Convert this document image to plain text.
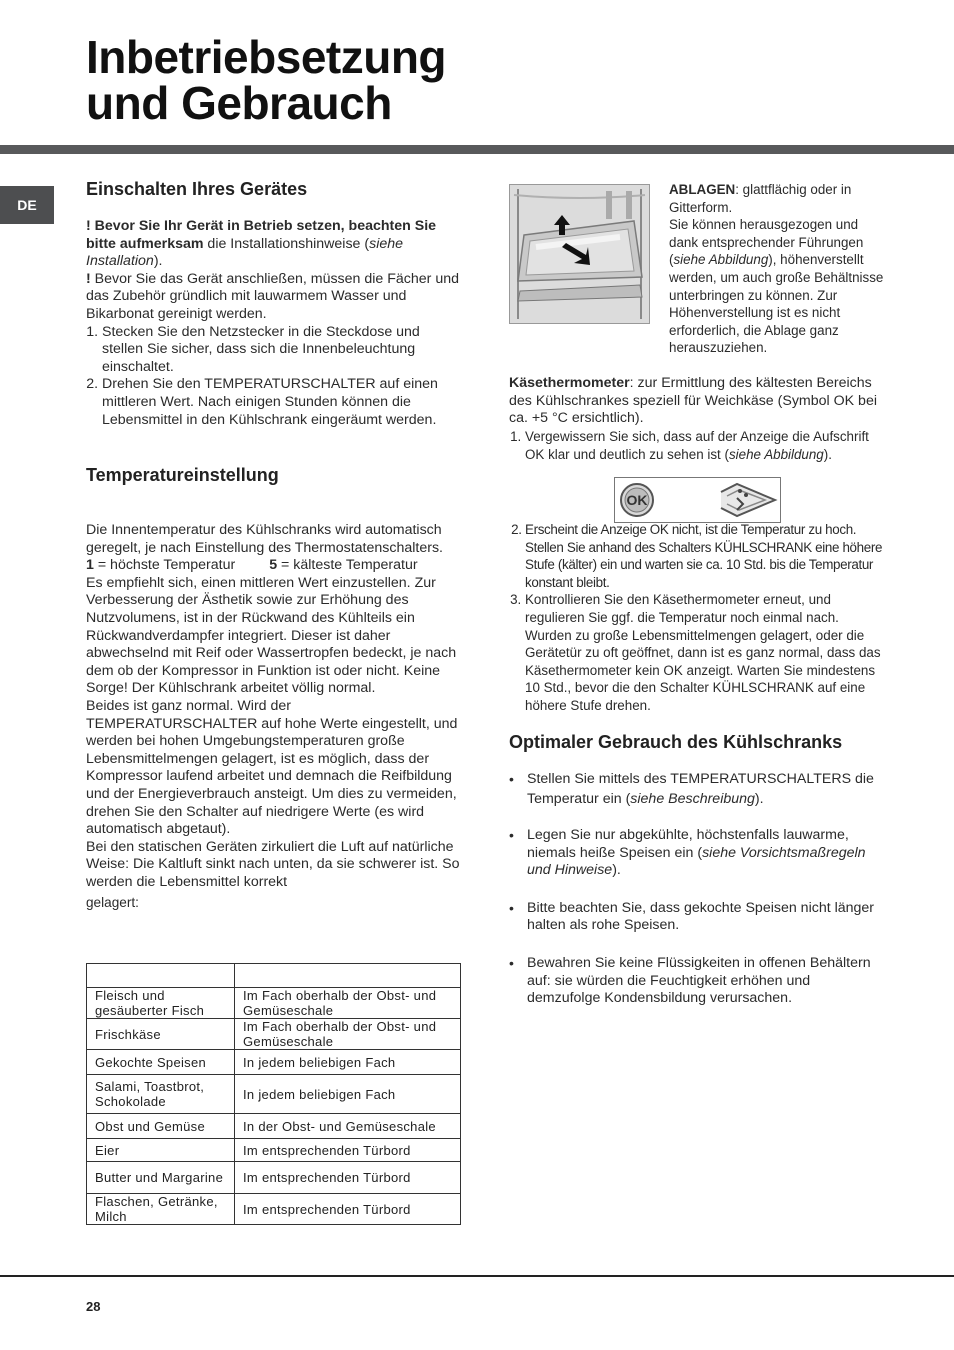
Inbetriebsetzung
und Gebrauch
DE
Einschalten Ihres Gerätes

! Bevor Sie Ihr Gerät in Betrieb setzen, beachten Sie bitte aufmerksam die Installationshinweise (siehe Installation).

! Bevor Sie das Gerät anschließen, müssen die Fächer und das Zubehör gründlich mit lauwarmem Wasser und Bikarbonat gereinigt werden.

1. Stecken Sie den Netzstecker in die Steckdose und stellen Sie sicher, dass sich die Innenbeleuchtung einschaltet.
2. Drehen Sie den TEMPERATURSCHALTER auf einen mittleren Wert. Nach einigen Stunden können die Lebensmittel in den Kühlschrank eingeräumt werden.
Temperatureinstellung

Die Innentemperatur des Kühlschranks wird automatisch geregelt, je nach Einstellung des Thermostatenschalters.

1 = höchste Temperatur 5 = kälteste Temperatur

Es empfiehlt sich, einen mittleren Wert einzustellen. Zur Verbesserung der Ästhetik sowie zur Erhöhung des Nutzvolumens, ist in der Rückwand des Kühlteils ein Rückwandverdampfer integriert. Dieser ist daher abwechselnd mit Reif oder Wassertropfen bedeckt, je nach dem ob der Kompressor in Funktion ist oder nicht. Keine Sorge! Der Kühlschrank arbeitet völlig normal.

Beides ist ganz normal. Wird der TEMPERATURSCHALTER auf hohe Werte eingestellt, und werden bei hohen Umgebungstemperaturen große Lebensmittelmengen gelagert, ist es möglich, dass der Kompressor laufend arbeitet und demnach die Reifbildung und der Energieverbrauch ansteigt. Um dies zu vermeiden, drehen Sie den Schalter auf niedrigere Werte (es wird automatisch abgetaut).

Bei den statischen Geräten zirkuliert die Luft auf natürliche Weise: Die Kaltluft sinkt nach unten, da sie schwerer ist. So werden die Lebensmittel korrekt

gelagert:

Fleisch und gesäuberter Fisch	Im Fach oberhalb der Obst- und Gemüseschale
Frischkäse	Im Fach oberhalb der Obst- und Gemüseschale
Gekochte Speisen	In jedem beliebigen Fach
Salami, Toastbrot, Schokolade	In jedem beliebigen Fach
Obst und Gemüse	In der Obst- und Gemüseschale
Eier	Im entsprechenden Türbord
Butter und Margarine	Im entsprechenden Türbord
Flaschen, Getränke, Milch	Im entsprechenden Türbord

ABLAGEN: glattflächig oder in Gitterform.

Sie können herausgezogen und dank entsprechender Führungen (siehe Abbildung), höhenverstellt werden, um auch große Behältnisse unterbringen zu können. Zur Höhenverstellung ist es nicht erforderlich, die Ablage ganz herauszuziehen.

Käsethermometer: zur Ermittlung des kältesten Bereichs des Kühlschrankes speziell für Weichkäse (Symbol OK bei ca. +5 °C ersichtlich).

1. Vergewissern Sie sich, dass auf der Anzeige die Aufschrift OK klar und deutlich zu sehen ist (siehe Abbildung).
OK
2. Erscheint die Anzeige OK nicht, ist die Temperatur zu hoch. Stellen Sie anhand des Schalters KÜHLSCHRANK eine höhere Stufe (kälter) ein und warten sie ca. 10 Std. bis die Temperatur konstant bleibt.
3. Kontrollieren Sie den Käsethermometer erneut, und regulieren Sie ggf. die Temperatur noch einmal nach. Wurden zu große Lebensmittelmengen gelagert, oder die Gerätetür zu oft geöffnet, dann ist es ganz normal, dass das Käsethermometer kein OK anzeigt. Warten Sie mindestens 10 Std., bevor die den Schalter KÜHLSCHRANK auf eine höhere Stufe drehen.
Optimaler Gebrauch des Kühlschranks
• Stellen Sie mittels des TEMPERATURSCHALTERS die Temperatur ein (siehe Beschreibung).
• Legen Sie nur abgekühlte, höchstenfalls lauwarme, niemals heiße Speisen ein (siehe Vorsichtsmaßregeln und Hinweise).
• Bitte beachten Sie, dass gekochte Speisen nicht länger halten als rohe Speisen.
• Bewahren Sie keine Flüssigkeiten in offenen Behältern auf: sie würden die Feuchtigkeit erhöhen und demzufolge Kondensbildung verursachen.
28
